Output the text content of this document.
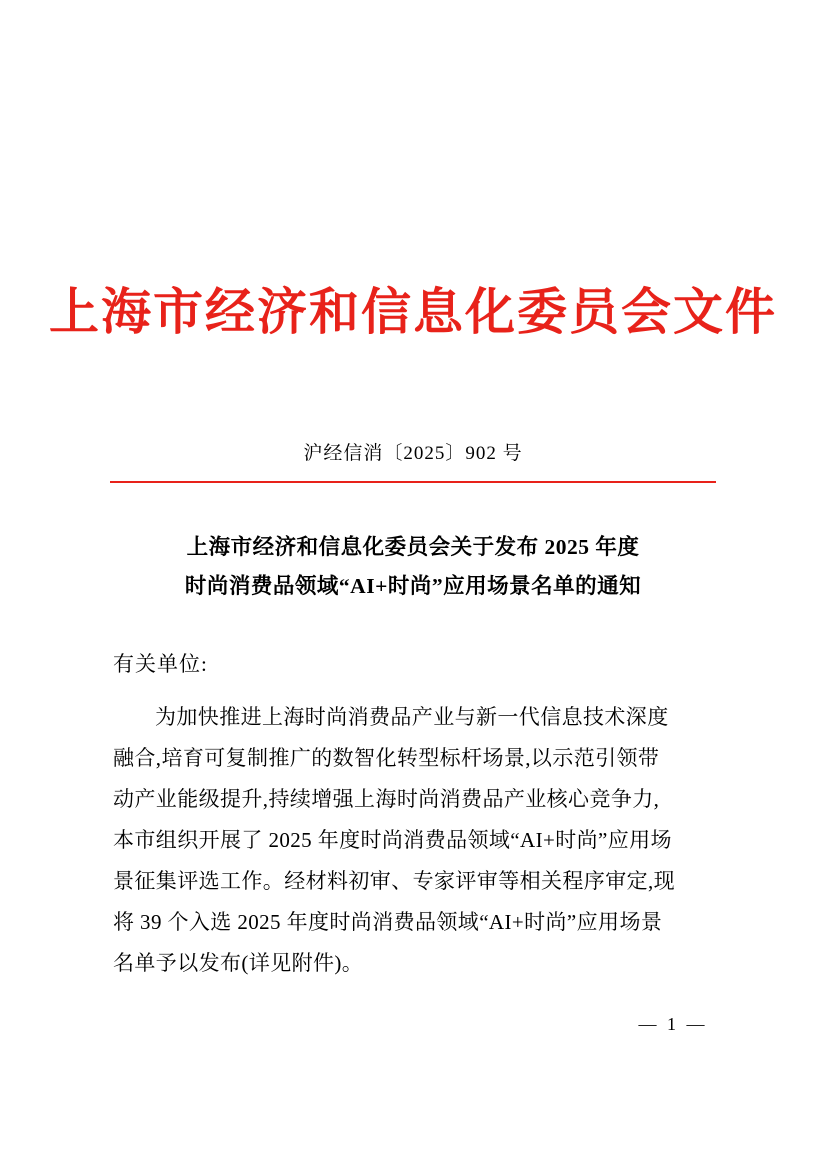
上海市经济和信息化委员会文件
沪经信消〔2025〕902 号
上海市经济和信息化委员会关于发布 2025 年度
时尚消费品领域“AI+时尚”应用场景名单的通知
有关单位:
为加快推进上海时尚消费品产业与新一代信息技术深度
融合,培育可复制推广的数智化转型标杆场景,以示范引领带
动产业能级提升,持续增强上海时尚消费品产业核心竞争力,
本市组织开展了 2025 年度时尚消费品领域“AI+时尚”应用场
景征集评选工作。经材料初审、专家评审等相关程序审定,现
将 39 个入选 2025 年度时尚消费品领域“AI+时尚”应用场景
名单予以发布(详见附件)。
— 1 —
